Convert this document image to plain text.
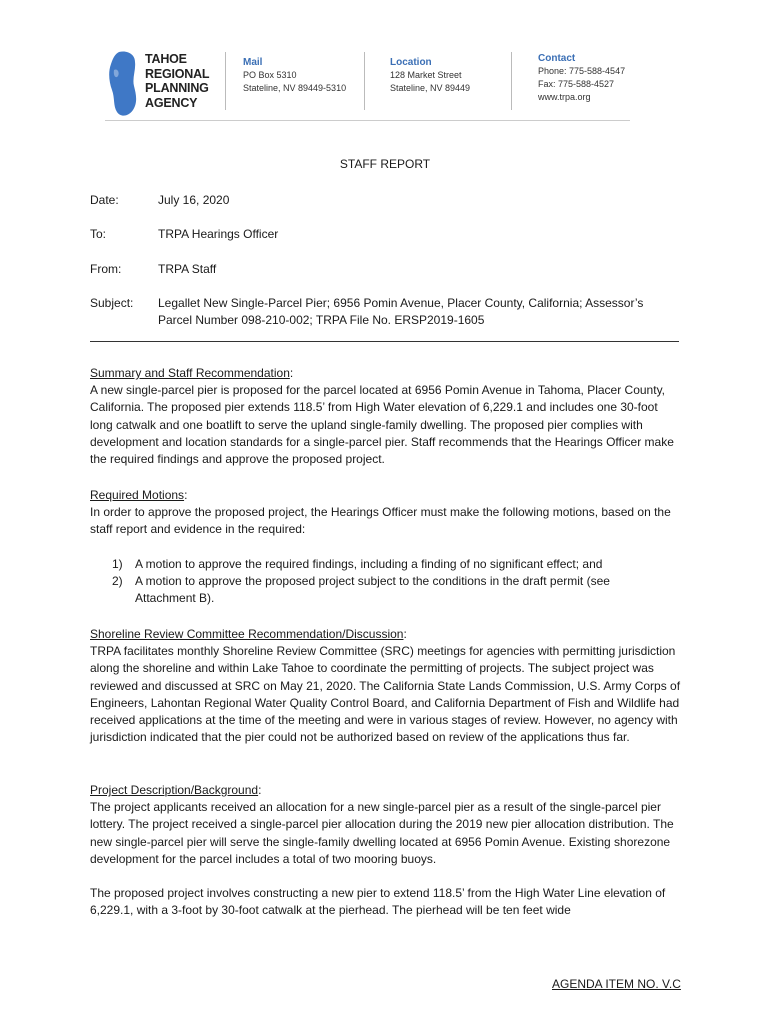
TAHOE
REGIONAL
PLANNING
AGENCY
Mail
PO Box 5310
Stateline, NV 89449-5310
Location
128 Market Street
Stateline, NV 89449
Contact
Phone: 775-588-4547
Fax: 775-588-4527
www.trpa.org
STAFF REPORT
Date:	July 16, 2020
To:	TRPA Hearings Officer
From:	TRPA Staff
Subject:	Legallet New Single-Parcel Pier; 6956 Pomin Avenue, Placer County, California; Assessor’s Parcel Number 098-210-002; TRPA File No. ERSP2019-1605
Summary and Staff Recommendation:

A new single-parcel pier is proposed for the parcel located at 6956 Pomin Avenue in Tahoma, Placer County, California. The proposed pier extends 118.5’ from High Water elevation of 6,229.1 and includes one 30-foot long catwalk and one boatlift to serve the upland single-family dwelling. The proposed pier complies with development and location standards for a single-parcel pier. Staff recommends that the Hearings Officer make the required findings and approve the proposed project.

Required Motions:

In order to approve the proposed project, the Hearings Officer must make the following motions, based on the staff report and evidence in the required:

1) A motion to approve the required findings, including a finding of no significant effect; and
2) A motion to approve the proposed project subject to the conditions in the draft permit (see Attachment B).
Shoreline Review Committee Recommendation/Discussion:

TRPA facilitates monthly Shoreline Review Committee (SRC) meetings for agencies with permitting jurisdiction along the shoreline and within Lake Tahoe to coordinate the permitting of projects. The subject project was reviewed and discussed at SRC on May 21, 2020. The California State Lands Commission, U.S. Army Corps of Engineers, Lahontan Regional Water Quality Control Board, and California Department of Fish and Wildlife had received applications at the time of the meeting and were in various stages of review. However, no agency with jurisdiction indicated that the pier could not be authorized based on review of the applications thus far.

Project Description/Background:

The project applicants received an allocation for a new single-parcel pier as a result of the single-parcel pier lottery. The project received a single-parcel pier allocation during the 2019 new pier allocation distribution. The new single-parcel pier will serve the single-family dwelling located at 6956 Pomin Avenue. Existing shorezone development for the parcel includes a total of two mooring buoys.

The proposed project involves constructing a new pier to extend 118.5’ from the High Water Line elevation of 6,229.1, with a 3-foot by 30-foot catwalk at the pierhead. The pierhead will be ten feet wide

AGENDA ITEM NO. V.C
